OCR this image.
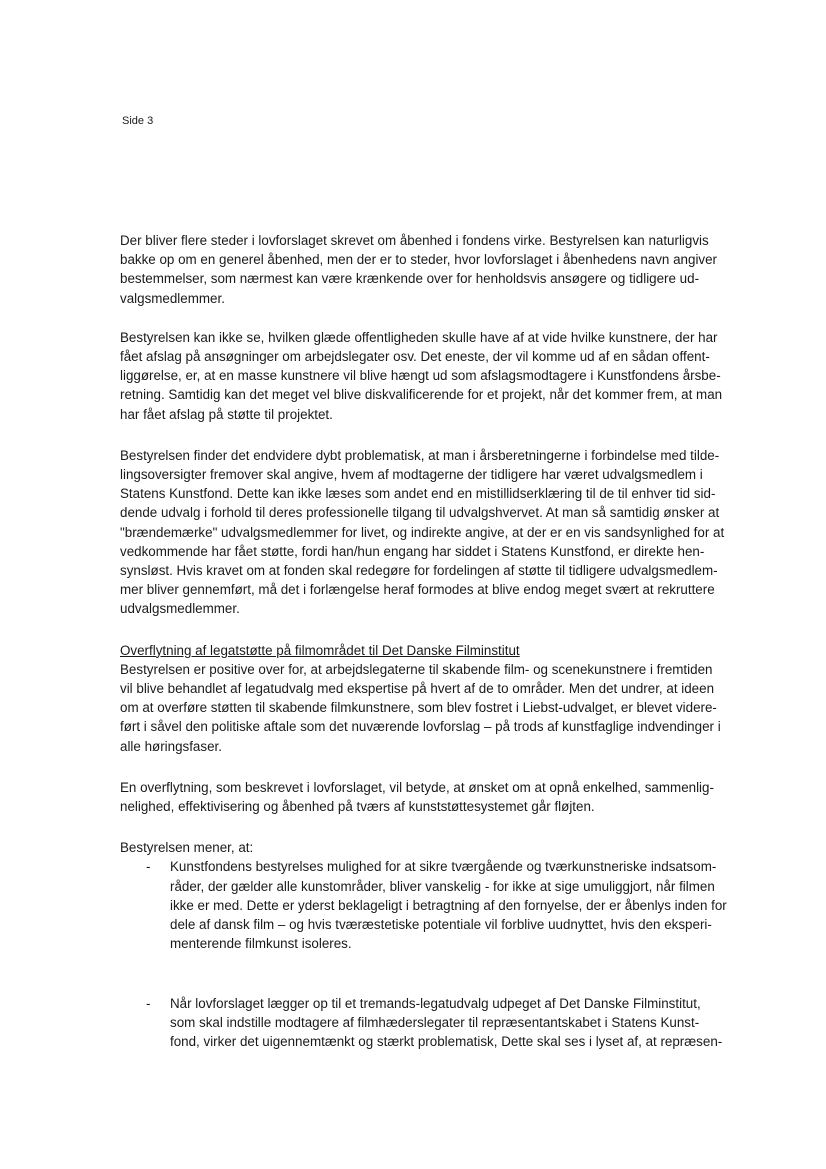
Side 3
Der bliver flere steder i lovforslaget skrevet om åbenhed i fondens virke. Bestyrelsen kan naturligvis
bakke op om en generel åbenhed, men der er to steder, hvor lovforslaget i åbenhedens navn angiver
bestemmelser, som nærmest kan være krænkende over for henholdsvis ansøgere og tidligere ud-
valgsmedlemmer.
Bestyrelsen kan ikke se, hvilken glæde offentligheden skulle have af at vide hvilke kunstnere, der har
fået afslag på ansøgninger om arbejdslegater osv. Det eneste, der vil komme ud af en sådan offent-
liggørelse, er, at en masse kunstnere vil blive hængt ud som afslagsmodtagere i Kunstfondens årsbe-
retning. Samtidig kan det meget vel blive diskvalificerende for et projekt, når det kommer frem, at man
har fået afslag på støtte til projektet.
Bestyrelsen finder det endvidere dybt problematisk, at man i årsberetningerne i forbindelse med tilde-
lingsoversigter fremover skal angive, hvem af modtagerne der tidligere har været udvalgsmedlem i
Statens Kunstfond. Dette kan ikke læses som andet end en mistillidserklæring til de til enhver tid sid-
dende udvalg i forhold til deres professionelle tilgang til udvalgshvervet. At man så samtidig ønsker at
"brændemærke" udvalgsmedlemmer for livet, og indirekte angive, at der er en vis sandsynlighed for at
vedkommende har fået støtte, fordi han/hun engang har siddet i Statens Kunstfond, er direkte hen-
synsløst. Hvis kravet om at fonden skal redegøre for fordelingen af støtte til tidligere udvalgsmedlem-
mer bliver gennemført, må det i forlængelse heraf formodes at blive endog meget svært at rekruttere
udvalgsmedlemmer.
Overflytning af legatstøtte på filmområdet til Det Danske Filminstitut
Bestyrelsen er positive over for, at arbejdslegaterne til skabende film- og scenekunstnere i fremtiden
vil blive behandlet af legatudvalg med ekspertise på hvert af de to områder. Men det undrer, at ideen
om at overføre støtten til skabende filmkunstnere, som blev fostret i Liebst-udvalget, er blevet videre-
ført i såvel den politiske aftale som det nuværende lovforslag – på trods af kunstfaglige indvendinger i
alle høringsfaser.
En overflytning, som beskrevet i lovforslaget, vil betyde, at ønsket om at opnå enkelhed, sammenlig-
nelighed, effektivisering og åbenhed på tværs af kunststøttesystemet går fløjten.
Bestyrelsen mener, at:
- Kunstfondens bestyrelses mulighed for at sikre tværgående og tværkunstneriske indsatsom-
råder, der gælder alle kunstområder, bliver vanskelig - for ikke at sige umuliggjort, når filmen
ikke er med. Dette er yderst beklageligt i betragtning af den fornyelse, der er åbenlys inden for
dele af dansk film – og hvis tværæstetiske potentiale vil forblive uudnyttet, hvis den eksperi-
menterende filmkunst isoleres.
- Når lovforslaget lægger op til et tremands-legatudvalg udpeget af Det Danske Filminstitut,
som skal indstille modtagere af filmhæderslegater til repræsentantskabet i Statens Kunst-
fond, virker det uigennemtænkt og stærkt problematisk, Dette skal ses i lyset af, at repræsen-
